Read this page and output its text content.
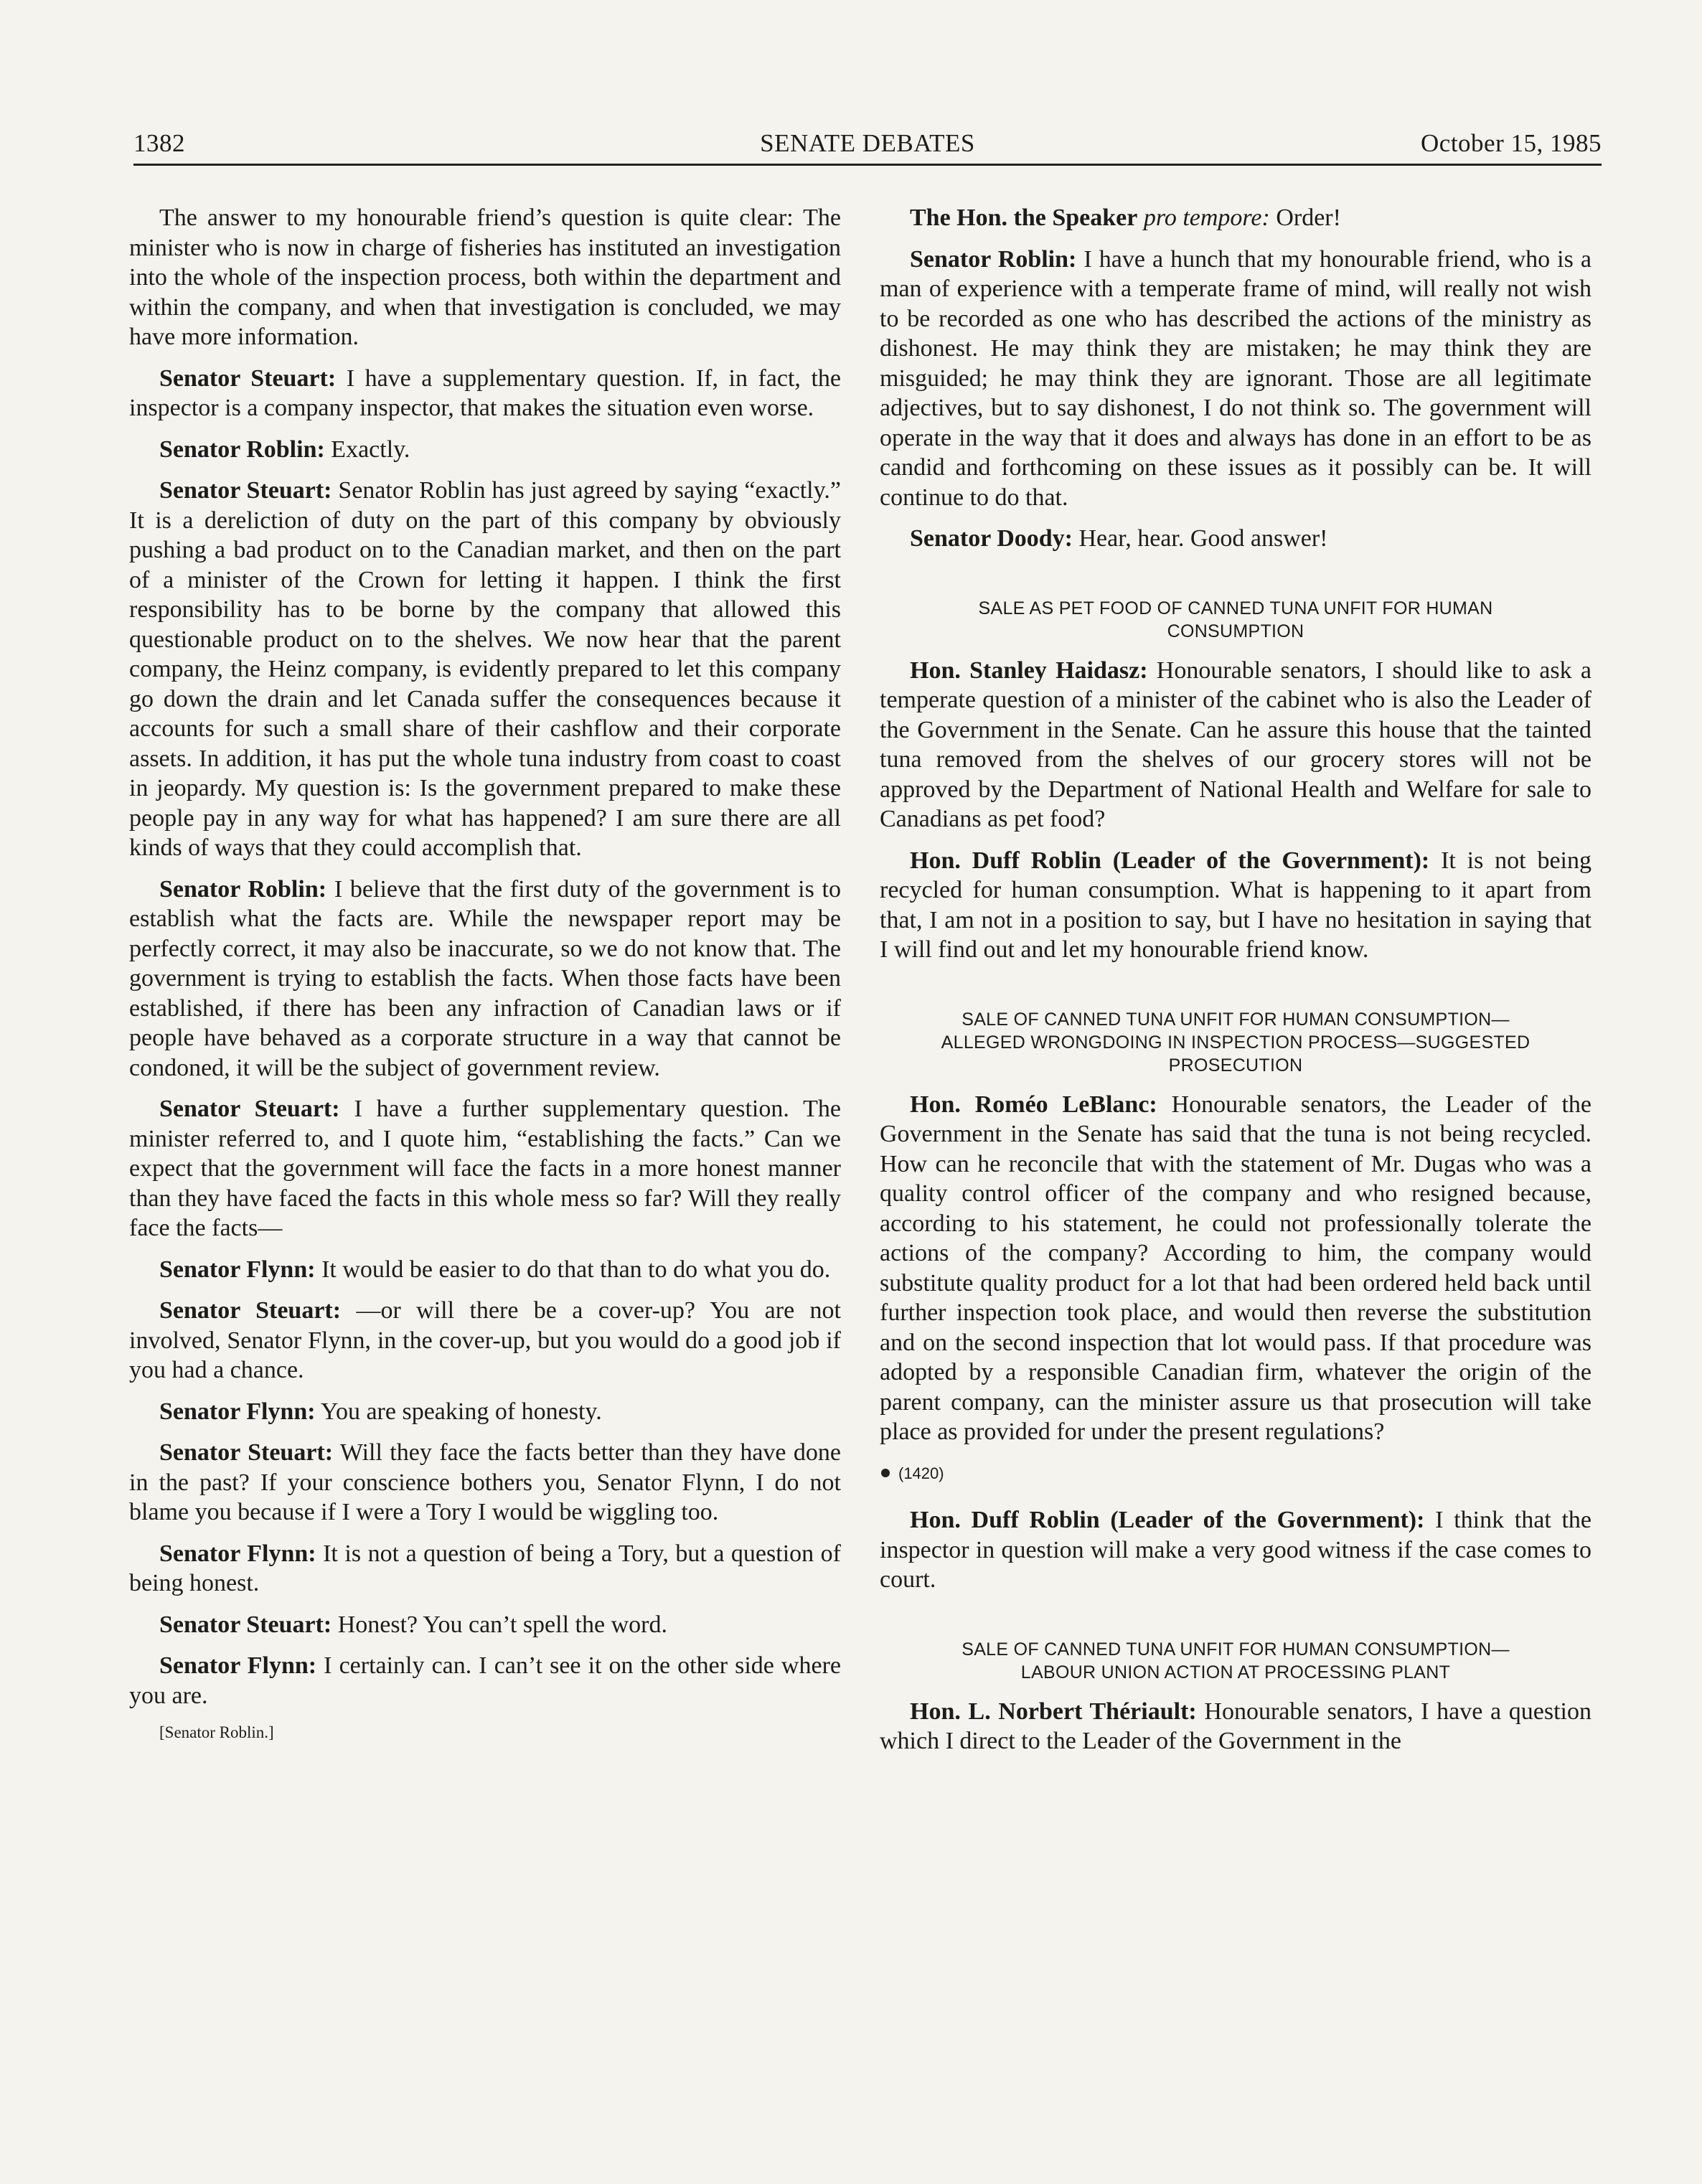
1382	SENATE DEBATES	October 15, 1985

The answer to my honourable friend’s question is quite clear: The minister who is now in charge of fisheries has instituted an investigation into the whole of the inspection process, both within the department and within the company, and when that investigation is concluded, we may have more information.

Senator Steuart: I have a supplementary question. If, in fact, the inspector is a company inspector, that makes the situation even worse.

Senator Roblin: Exactly.

Senator Steuart: Senator Roblin has just agreed by saying “exactly.” It is a dereliction of duty on the part of this company by obviously pushing a bad product on to the Canadian market, and then on the part of a minister of the Crown for letting it happen. I think the first responsibility has to be borne by the company that allowed this questionable product on to the shelves. We now hear that the parent company, the Heinz company, is evidently prepared to let this company go down the drain and let Canada suffer the consequences because it accounts for such a small share of their cashflow and their corporate assets. In addition, it has put the whole tuna industry from coast to coast in jeopardy. My question is: Is the government prepared to make these people pay in any way for what has happened? I am sure there are all kinds of ways that they could accomplish that.

Senator Roblin: I believe that the first duty of the government is to establish what the facts are. While the newspaper report may be perfectly correct, it may also be inaccurate, so we do not know that. The government is trying to establish the facts. When those facts have been established, if there has been any infraction of Canadian laws or if people have behaved as a corporate structure in a way that cannot be condoned, it will be the subject of government review.

Senator Steuart: I have a further supplementary question. The minister referred to, and I quote him, “establishing the facts.” Can we expect that the government will face the facts in a more honest manner than they have faced the facts in this whole mess so far? Will they really face the facts—

Senator Flynn: It would be easier to do that than to do what you do.

Senator Steuart: —or will there be a cover-up? You are not involved, Senator Flynn, in the cover-up, but you would do a good job if you had a chance.

Senator Flynn: You are speaking of honesty.

Senator Steuart: Will they face the facts better than they have done in the past? If your conscience bothers you, Senator Flynn, I do not blame you because if I were a Tory I would be wiggling too.

Senator Flynn: It is not a question of being a Tory, but a question of being honest.

Senator Steuart: Honest? You can’t spell the word.

Senator Flynn: I certainly can. I can’t see it on the other side where you are.

[Senator Roblin.]

The Hon. the Speaker pro tempore: Order!

Senator Roblin: I have a hunch that my honourable friend, who is a man of experience with a temperate frame of mind, will really not wish to be recorded as one who has described the actions of the ministry as dishonest. He may think they are mistaken; he may think they are misguided; he may think they are ignorant. Those are all legitimate adjectives, but to say dishonest, I do not think so. The government will operate in the way that it does and always has done in an effort to be as candid and forthcoming on these issues as it possibly can be. It will continue to do that.

Senator Doody: Hear, hear. Good answer!

SALE AS PET FOOD OF CANNED TUNA UNFIT FOR HUMAN
CONSUMPTION

Hon. Stanley Haidasz: Honourable senators, I should like to ask a temperate question of a minister of the cabinet who is also the Leader of the Government in the Senate. Can he assure this house that the tainted tuna removed from the shelves of our grocery stores will not be approved by the Department of National Health and Welfare for sale to Canadians as pet food?

Hon. Duff Roblin (Leader of the Government): It is not being recycled for human consumption. What is happening to it apart from that, I am not in a position to say, but I have no hesitation in saying that I will find out and let my honourable friend know.

SALE OF CANNED TUNA UNFIT FOR HUMAN CONSUMPTION—
ALLEGED WRONGDOING IN INSPECTION PROCESS—SUGGESTED
PROSECUTION

Hon. Roméo LeBlanc: Honourable senators, the Leader of the Government in the Senate has said that the tuna is not being recycled. How can he reconcile that with the statement of Mr. Dugas who was a quality control officer of the company and who resigned because, according to his statement, he could not professionally tolerate the actions of the company? According to him, the company would substitute quality product for a lot that had been ordered held back until further inspection took place, and would then reverse the substitution and on the second inspection that lot would pass. If that procedure was adopted by a responsible Canadian firm, whatever the origin of the parent company, can the minister assure us that prosecution will take place as provided for under the present regulations?

(1420)

Hon. Duff Roblin (Leader of the Government): I think that the inspector in question will make a very good witness if the case comes to court.

SALE OF CANNED TUNA UNFIT FOR HUMAN CONSUMPTION—
LABOUR UNION ACTION AT PROCESSING PLANT

Hon. L. Norbert Thériault: Honourable senators, I have a question which I direct to the Leader of the Government in the
